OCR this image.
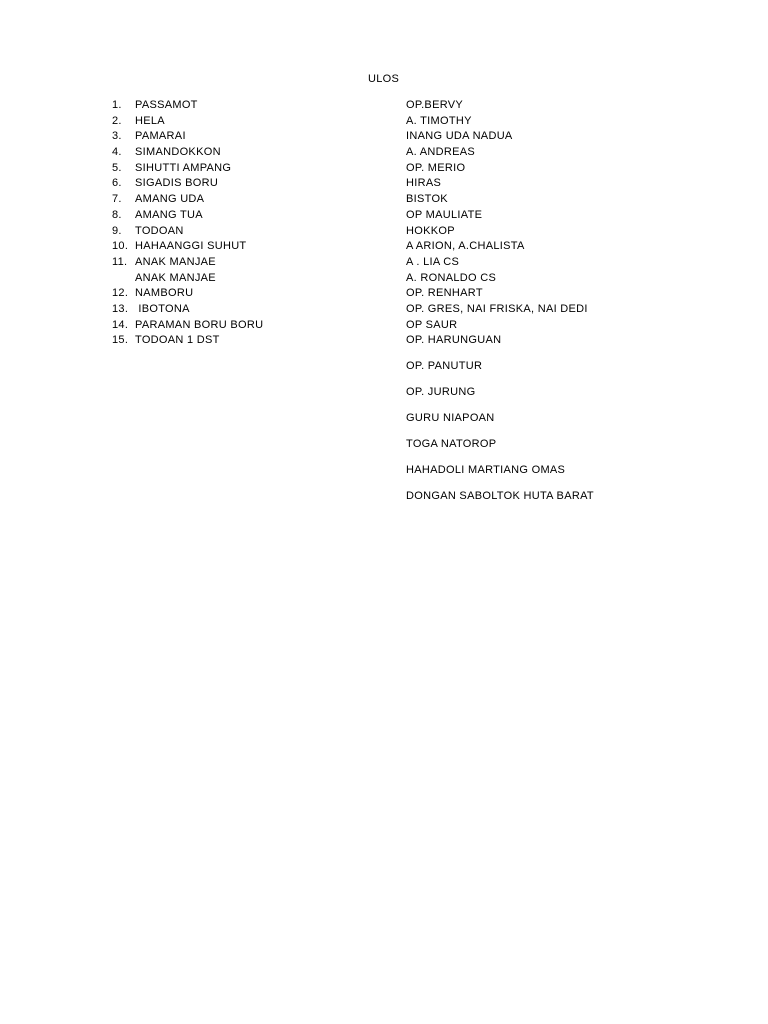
ULOS
1. PASSAMOT
2. HELA
3. PAMARAI
4. SIMANDOKKON
5. SIHUTTI AMPANG
6. SIGADIS BORU
7. AMANG UDA
8. AMANG TUA
9. TODOAN
10. HAHAANGGI SUHUT
11. ANAK MANJAE
ANAK MANJAE
12. NAMBORU
13. IBOTONA
14. PARAMAN BORU BORU
15. TODOAN 1 DST
OP.BERVY
A. TIMOTHY
INANG UDA NADUA
A. ANDREAS
OP. MERIO
HIRAS
BISTOK
OP MAULIATE
HOKKOP
A ARION, A.CHALISTA
A . LIA CS
A. RONALDO CS
OP. RENHART
OP. GRES, NAI FRISKA, NAI DEDI
OP SAUR
OP. HARUNGUAN
OP. PANUTUR
OP. JURUNG
GURU NIAPOAN
TOGA NATOROP
HAHADOLI MARTIANG OMAS
DONGAN SABOLTOK HUTA BARAT
